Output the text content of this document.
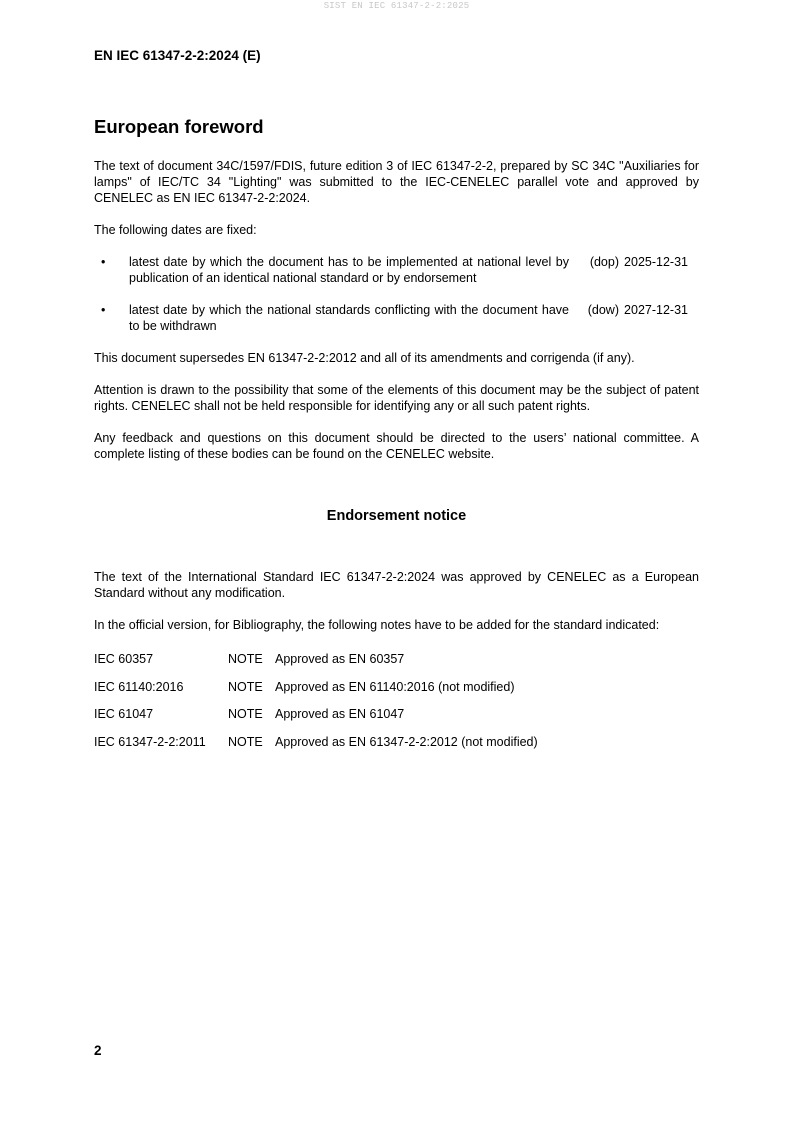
SIST EN IEC 61347-2-2:2025
EN IEC 61347-2-2:2024 (E)
European foreword

The text of document 34C/1597/FDIS, future edition 3 of IEC 61347-2-2, prepared by SC 34C "Auxiliaries for lamps" of IEC/TC 34 "Lighting" was submitted to the IEC-CENELEC parallel vote and approved by CENELEC as EN IEC 61347-2-2:2024.

The following dates are fixed:

•	latest date by which the document has to be implemented at national level by publication of an identical national standard or by endorsement
(dop) 2025-12-31
•	latest date by which the national standards conflicting with the document have to be withdrawn
(dow) 2027-12-31

This document supersedes EN 61347-2-2:2012 and all of its amendments and corrigenda (if any).

Attention is drawn to the possibility that some of the elements of this document may be the subject of patent rights. CENELEC shall not be held responsible for identifying any or all such patent rights.

Any feedback and questions on this document should be directed to the users’ national committee. A complete listing of these bodies can be found on the CENELEC website.

Endorsement notice

The text of the International Standard IEC 61347-2-2:2024 was approved by CENELEC as a European Standard without any modification.

In the official version, for Bibliography, the following notes have to be added for the standard indicated:

IEC 60357	NOTE Approved as EN 60357
IEC 61140:2016	NOTE Approved as EN 61140:2016 (not modified)
IEC 61047	NOTE Approved as EN 61047
IEC 61347-2-2:2011	NOTE Approved as EN 61347-2-2:2012 (not modified)
2
